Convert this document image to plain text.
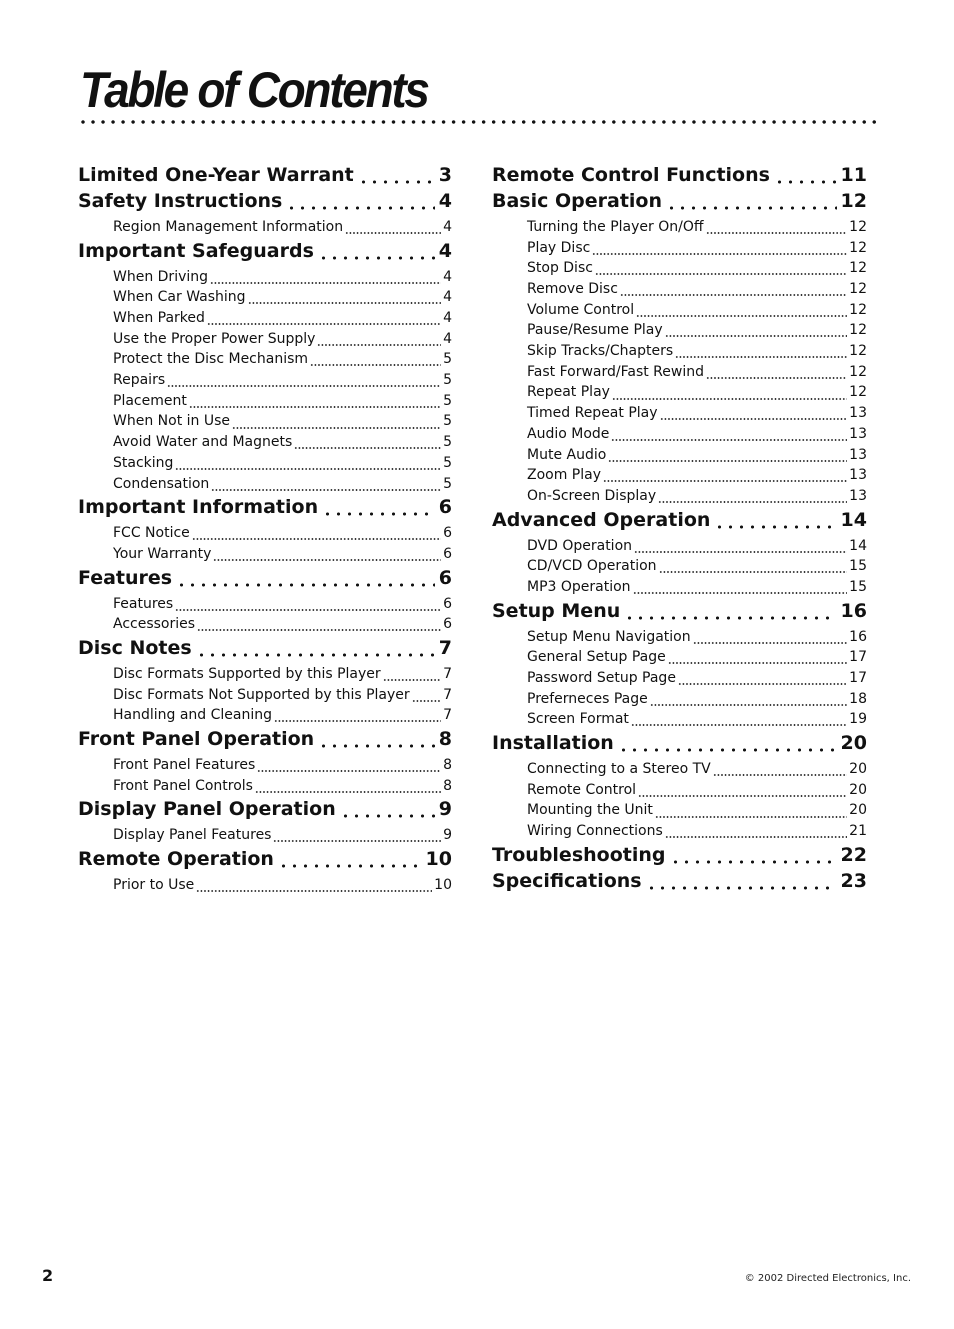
Table of Contents
Limited One-Year Warrant	3
Safety Instructions	4
Region Management Information	4
Important Safeguards	4
When Driving	4
When Car Washing	4
When Parked	4
Use the Proper Power Supply	4
Protect the Disc Mechanism	5
Repairs	5
Placement	5
When Not in Use	5
Avoid Water and Magnets	5
Stacking	5
Condensation	5
Important Information	6
FCC Notice	6
Your Warranty	6
Features	6
Features	6
Accessories	6
Disc Notes	7
Disc Formats Supported by this Player	7
Disc Formats Not Supported by this Player 7
Handling and Cleaning	7
Front Panel Operation	8
Front Panel Features	8
Front Panel Controls	8
Display Panel Operation	9
Display Panel Features	9
Remote Operation	10
Prior to Use	10
Remote Control Functions	11
Basic Operation	12
Turning the Player On/Off	12
Play Disc	12
Stop Disc	12
Remove Disc	12
Volume Control	12
Pause/Resume Play	12
Skip Tracks/Chapters	12
Fast Forward/Fast Rewind	12
Repeat Play	12
Timed Repeat Play	13
Audio Mode	13
Mute Audio	13
Zoom Play	13
On-Screen Display	13
Advanced Operation	14
DVD Operation	14
CD/VCD Operation	15
MP3 Operation	15
Setup Menu	16
Setup Menu Navigation	16
General Setup Page	17
Password Setup Page	17
Preferneces Page	18
Screen Format	19
Installation	20
Connecting to a Stereo TV	20
Remote Control	20
Mounting the Unit	20
Wiring Connections	21
Troubleshooting	22
Specifications	23
2	© 2002 Directed Electronics, Inc.
